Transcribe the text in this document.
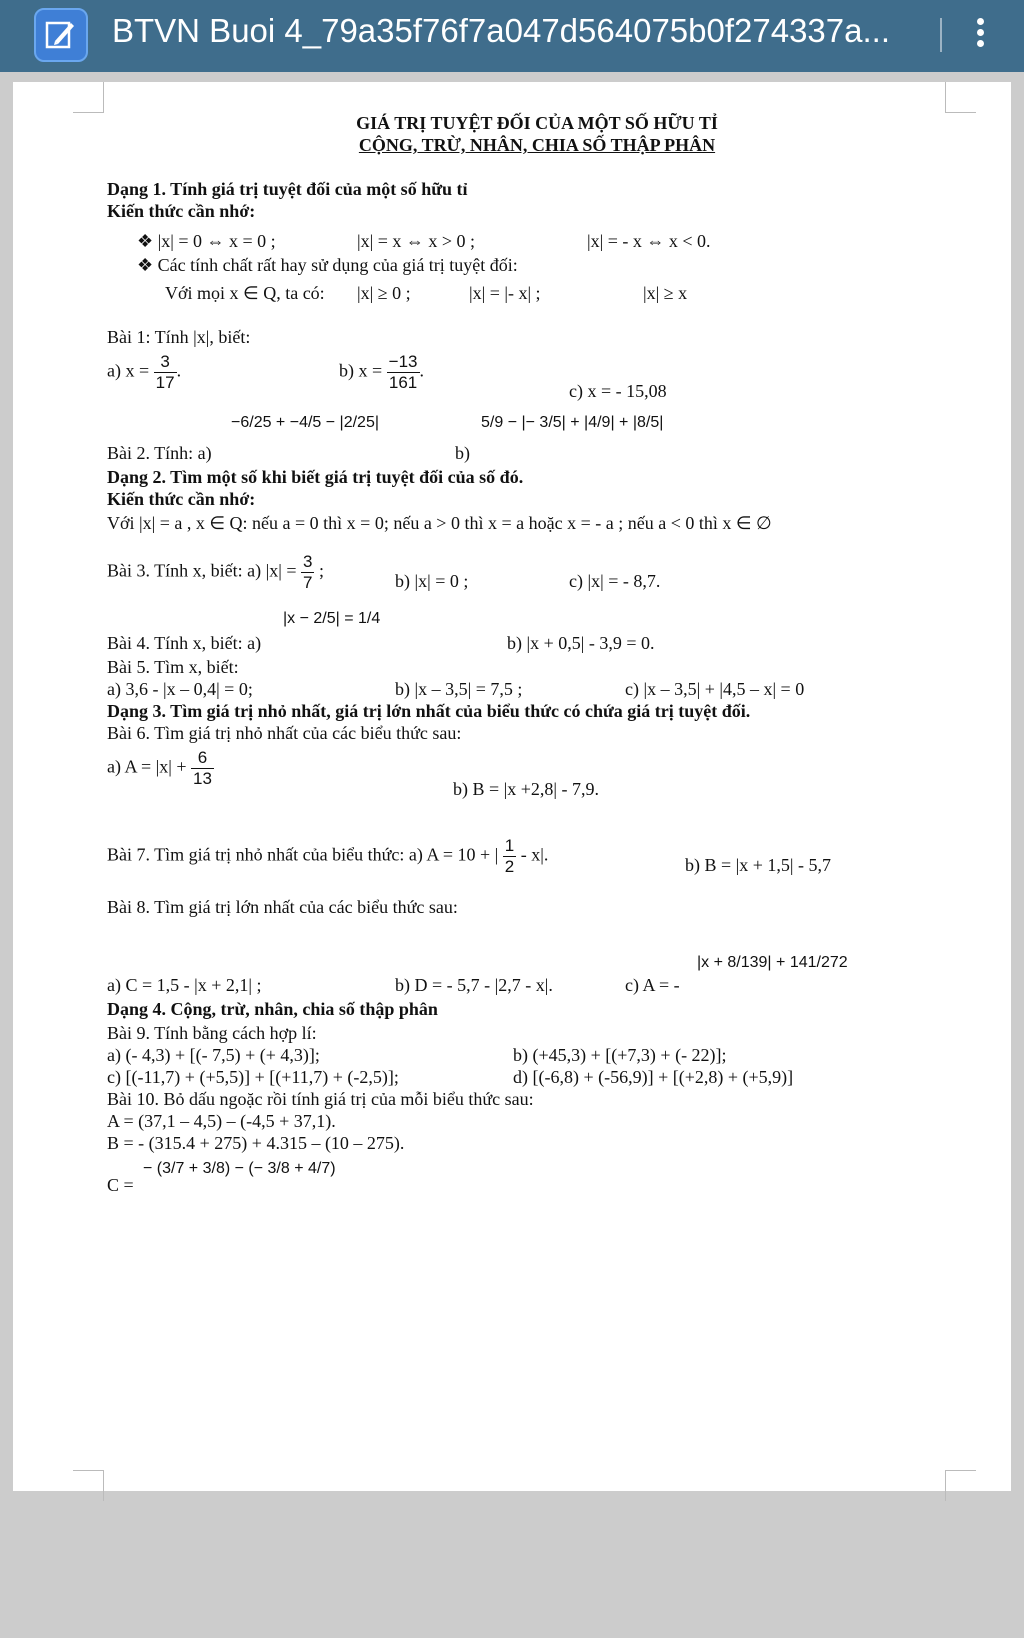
BTVN Buoi 4_79a35f76f7a047d564075b0f274337a...
GIÁ TRỊ TUYỆT ĐỐI CỦA MỘT SỐ HỮU TỈ
CỘNG, TRỪ, NHÂN, CHIA SỐ THẬP PHÂN
Dạng 1. Tính giá trị tuyệt đối của một số hữu tỉ
Kiến thức cần nhớ:
❖ |x| = 0 ⇔ x = 0 ;	|x| = x ⇔ x > 0 ;	|x| = - x ⇔ x < 0.
❖ Các tính chất rất hay sử dụng của giá trị tuyệt đối:
Với mọi x ∈ Q, ta có: |x| ≥ 0 ;	|x| = |- x| ;	|x| ≥ x
Bài 1: Tính |x|, biết:
a) $x = \frac{3}{17}$ .	b) $x = \frac{-13}{161}$ .
c) x = - 15,08
Bài 2. Tính: a)
−6/25 + −4/5 − |2/25|
b)
5/9 − |− 3/5| + |4/9| + |8/5|
Dạng 2. Tìm một số khi biết giá trị tuyệt đối của số đó.
Kiến thức cần nhớ:
Với |x| = a , x ∈ Q: nếu a = 0 thì x = 0; nếu a > 0 thì x = a hoặc x = - a ; nếu a < 0 thì x ∈ ∅
Bài 3. Tính x, biết: a) $|x| = \frac{3}{7}$ ;
b) |x| = 0 ;	c) |x| = - 8,7.
Bài 4. Tính x, biết: a)
|x − 2/5| = 1/4
b) |x + 0,5| - 3,9 = 0.
Bài 5. Tìm x, biết:
a) 3,6 - |x – 0,4| = 0;	b) |x – 3,5| = 7,5 ;	c) |x – 3,5| + |4,5 – x| = 0
Dạng 3. Tìm giá trị nhỏ nhất, giá trị lớn nhất của biểu thức có chứa giá trị tuyệt đối.
Bài 6. Tìm giá trị nhỏ nhất của các biểu thức sau:
a) $A = |x| + \frac{6}{13}$	b) B = |x +2,8| - 7,9.
Bài 7. Tìm giá trị nhỏ nhất của biểu thức: a) A = 10 + | $\frac{1}{2} - x|$.
b) B = |x + 1,5| - 5,7
Bài 8. Tìm giá trị lớn nhất của các biểu thức sau:
a) C = 1,5 - |x + 2,1| ;	b) D = - 5,7 - |2,7 - x|.	c) A = -
|x + 8/139| + 141/272
Dạng 4. Cộng, trừ, nhân, chia số thập phân
Bài 9. Tính bằng cách hợp lí:
a) (- 4,3) + [(- 7,5) + (+ 4,3)];	b) (+45,3) + [(+7,3) + (- 22)];
c) [(-11,7) + (+5,5)] + [(+11,7) + (-2,5)];	d) [(-6,8) + (-56,9)] + [(+2,8) + (+5,9)]
Bài 10. Bỏ dấu ngoặc rồi tính giá trị của mỗi biểu thức sau:
A = (37,1 – 4,5) – (-4,5 + 37,1).
B = - (315.4 + 275) + 4.315 – (10 – 275).
C =
− (3/7 + 3/8) − (− 3/8 + 4/7)
